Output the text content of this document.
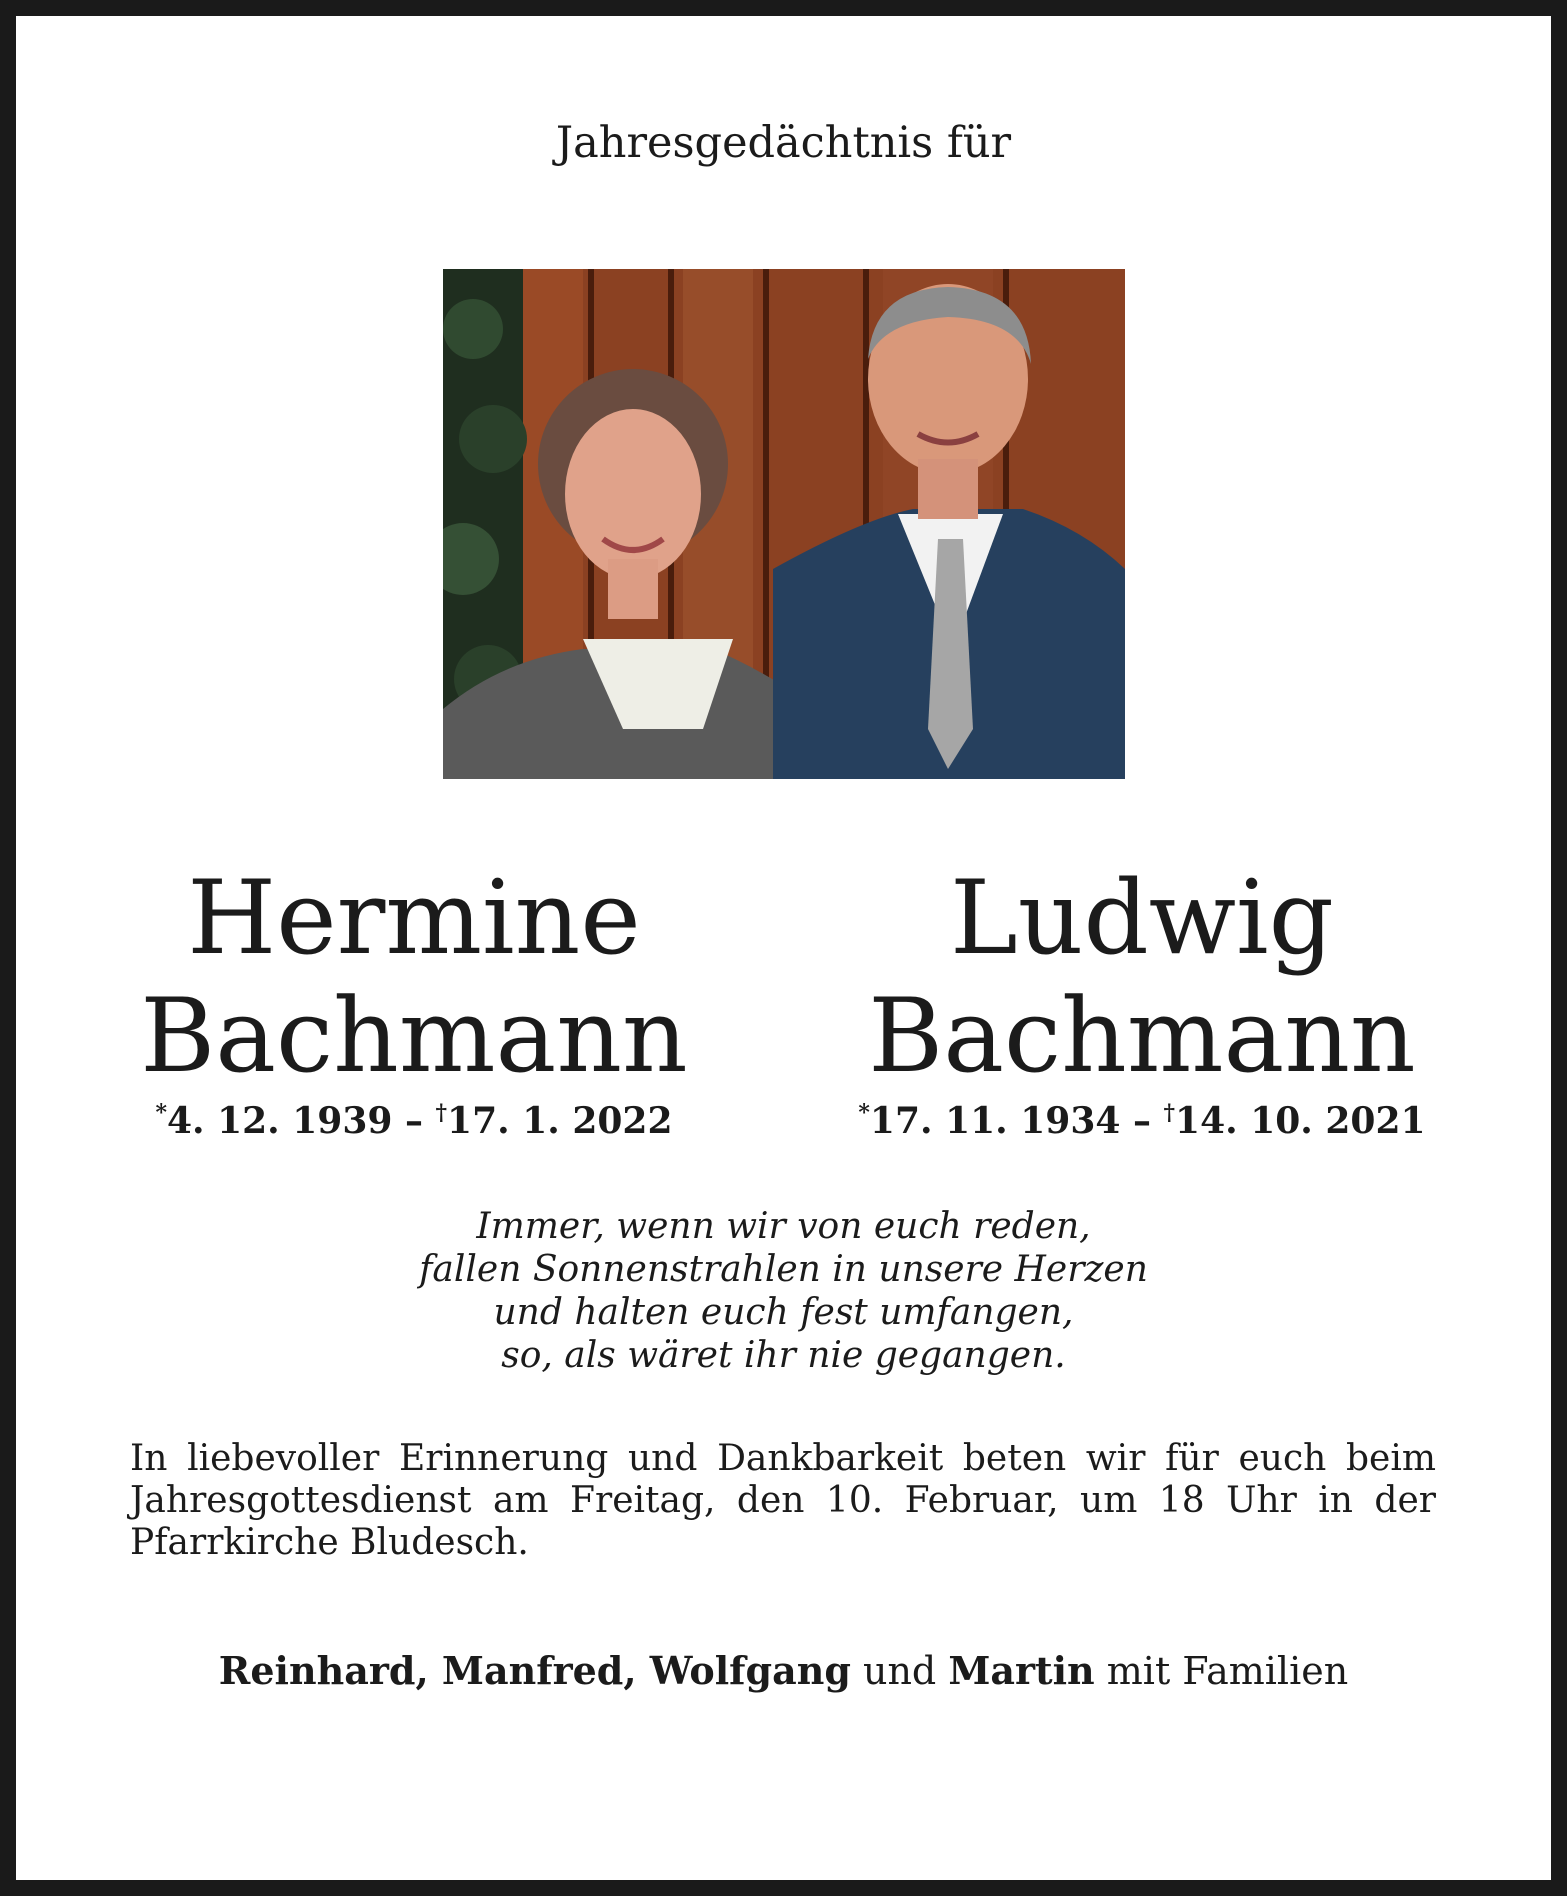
Jahresgedächtnis für
Hermine
Bachmann
*4. 12. 1939 – †17. 1. 2022
Ludwig
Bachmann
*17. 11. 1934 – †14. 10. 2021
Immer, wenn wir von euch reden,
fallen Sonnenstrahlen in unsere Herzen
und halten euch fest umfangen,
so, als wäret ihr nie gegangen.
In liebevoller Erinnerung und Dankbarkeit beten wir für euch beim Jahresgottesdienst am Freitag, den 10. Februar, um 18 Uhr in der Pfarrkirche Bludesch.
Reinhard, Manfred, Wolfgang und Martin mit Familien
